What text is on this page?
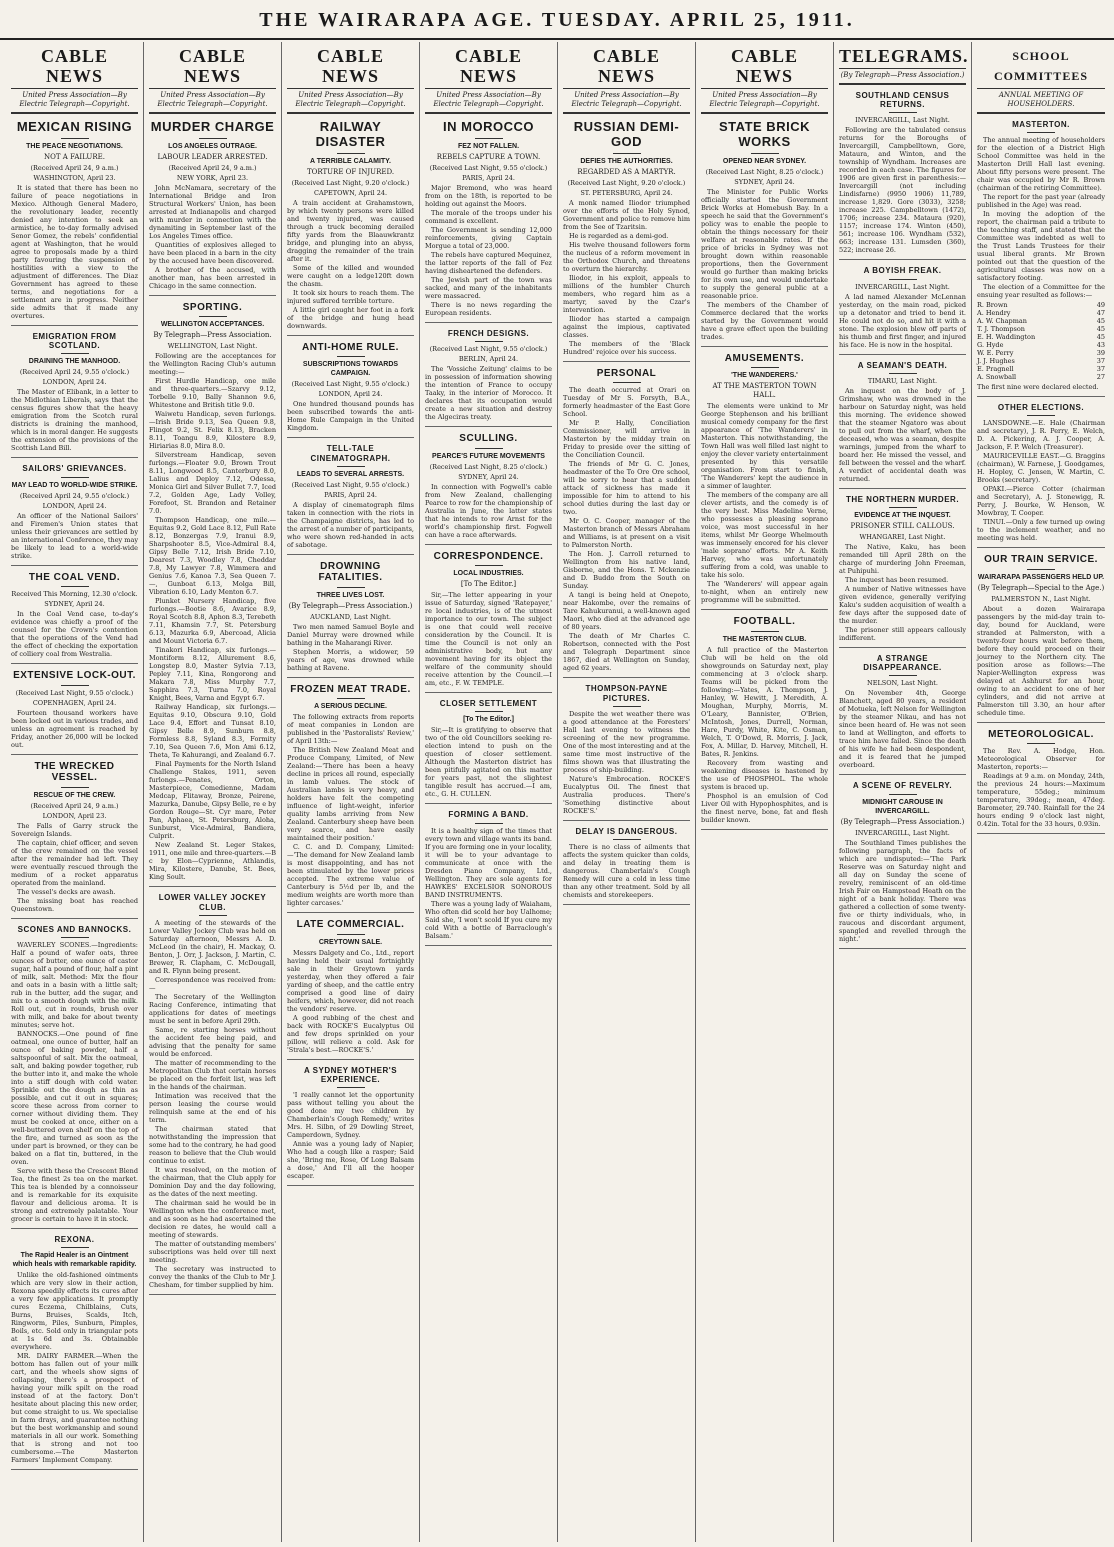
THE WAIRARAPA AGE. TUESDAY. APRIL 25, 1911.
CABLE NEWS
United Press Association—By Electric Telegraph—Copyright.
MEXICAN RISING
THE PEACE NEGOTIATIONS.
NOT A FAILURE.
(Received April 24, 9 a.m.)
WASHINGTON, April 23.

It is stated that there has been no failure of peace negotiations in Mexico. Although General Madero, the revolutionary leader, recently denied any intention to seek an armistice, he to-day formally advised Senor Gomez, the rebels' confidential agent at Washington, that he would agree to proposals made by a third party favouring the suspension of hostilities with a view to the adjustment of differences. The Diaz Government has agreed to these terms, and negotiations for a settlement are in progress. Neither side admits that it made any overtures.

EMIGRATION FROM SCOTLAND.
DRAINING THE MANHOOD.
(Received April 24, 9.55 o'clock.)
LONDON, April 24.

The Master of Elibank, in a letter to the Midlothian Liberals, says that the census figures show that the heavy emigration from the Scotch rural districts is draining the manhood, which is in moral danger. He suggests the extension of the provisions of the Scottish Land Bill.

SAILORS' GRIEVANCES.
MAY LEAD TO WORLD-WIDE STRIKE.
(Received April 24, 9.55 o'clock.)
LONDON, April 24.

An officer of the National Sailors' and Firemen's Union states that unless their grievances are settled by an international Conference, they may be likely to lead to a world-wide strike.

THE COAL VEND.
Received This Morning, 12.30 o'clock.
SYDNEY, April 24.

In the Coal Vend case, to-day's evidence was chiefly a proof of the counsel for the Crown's contention that the operations of the Vend had the effect of checking the exportation of colliery coal from Westralia.

EXTENSIVE LOCK-OUT.
(Received Last Night, 9.55 o'clock.)
COPENHAGEN, April 24.

Fourteen thousand workers have been locked out in various trades, and unless an agreement is reached by Friday, another 26,000 will be locked out.

THE WRECKED VESSEL.
RESCUE OF THE CREW.
(Received April 24, 9 a.m.)
LONDON, April 23.

The Falls of Garry struck the Sovereign Islands.

The captain, chief officer, and seven of the crew remained on the vessel after the remainder had left. They were eventually rescued through the medium of a rocket apparatus operated from the mainland.

The vessel's decks are awash.

The missing boat has reached Queenstown.

SCONES AND BANNOCKS.

WAVERLEY SCONES.—Ingredients: Half a pound of wafer oats, three ounces of butter, one ounce of castor sugar, half a pound of flour, half a pint of milk, salt. Method: Mix the flour and oats in a basin with a little salt; rub in the butter, add the sugar, and mix to a smooth dough with the milk. Roll out, cut in rounds, brush over with milk, and bake for about twenty minutes; serve hot.

BANNOCKS.—One pound of fine oatmeal, one ounce of butter, half an ounce of baking powder, half a saltspoonful of salt. Mix the oatmeal, salt, and baking powder together, rub the butter into it, and make the whole into a stiff dough with cold water. Sprinkle out the dough as thin as possible, and cut it out in squares; score these across from corner to corner without dividing them. They must be cooked at once, either on a well-buttered oven shelf on the top of the fire, and turned as soon as the under part is browned, or they can be baked on a flat tin, buttered, in the oven.

Serve with these the Crescent Blend Tea, the finest 2s tea on the market. This tea is blended by a connoisseur and is remarkable for its exquisite flavour and delicious aroma. It is strong and extremely palatable. Your grocer is certain to have it in stock.

REXONA.
The Rapid Healer is an Ointment which heals with remarkable rapidity.

Unlike the old-fashioned ointments which are very slow in their action, Rexona speedily effects its cures after a very few applications. It promptly cures Eczema, Chilblains, Cuts, Burns, Bruises, Scalds, Itch, Ringworm, Piles, Sunburn, Pimples, Boils, etc. Sold only in triangular pots at 1s 6d and 3s. Obtainable everywhere.

MR. DAIRY FARMER.—When the bottom has fallen out of your milk cart, and the wheels show signs of collapsing, there's a prospect of having your milk spilt on the road instead of at the factory. Don't hesitate about placing this new order, but come straight to us. We specialise in farm drays, and guarantee nothing but the best workmanship and sound materials in all our work. Something that is strong and not too cumbersome.—The Masterton Farmers' Implement Company.

CABLE NEWS
United Press Association—By Electric Telegraph—Copyright.
MURDER CHARGE
LOS ANGELES OUTRAGE.
LABOUR LEADER ARRESTED.
(Received April 24, 9 a.m.)
NEW YORK, April 23.

John McNamara, secretary of the International Bridge and Iron Structural Workers' Union, has been arrested at Indianapolis and charged with murder in connection with the dynamiting in September last of the Los Angeles Times office.

Quantities of explosives alleged to have been placed in a barn in the city by the accused have been discovered.

A brother of the accused, with another man, has been arrested in Chicago in the same connection.

SPORTING.
WELLINGTON ACCEPTANCES.
By Telegraph—Press Association.
WELLINGTON, Last Night.

Following are the acceptances for the Wellington Racing Club's autumn meeting:—

First Hurdle Handicap, one mile and three-quarters.—Szarvy 9.12, Torbelle 9.10, Bally Shannon 9.6, Whitestone and British title 9.0.

Waiwetu Handicap, seven furlongs.—Irish Bride 9.13, Sea Queen 9.8, Flingot 9.2, St. Felix 8.13, Bracken 8.11, Toangu 8.9, Kilostere 8.9, Hiriarias 8.0, Mira 8.0.

Silverstream Handicap, seven furlongs.—Floater 9.0, Brown Trout 8.11, Longwood 8.5, Canterbury 8.0, Lalius and Deploy 7.12, Odessa, Monica Girl and Silver Bullet 7.7, Iced 7.2, Golden Age, Lady Volley, Forefoot, St. Brandon and Retainer 7.0.

Thompson Handicap, one mile.—Equitas 9.2, Gold Lace 8.12, Full Rate 8.12, Bonzergas 7.9, Iranui 8.9, Sharpshooter 8.5, Vice-Admiral 8.4, Gipsy Belle 7.12, Irish Bride 7.10, Dearest 7.3, Woodley 7.8, Cheddar 7.8, My Lawyer 7.8, Wimmera and Genius 7.6, Kanoa 7.3, Sea Queen 7.—, Gunboat 6.13, Molga Bill, Vibration 6.10, Lady Menton 6.7.

Plunket Nursery Handicap, five furlongs.—Bootie 8.6, Avarice 8.9, Royal Scotch 8.8, Aphon 8.3, Terebeth 7.11, Khamsin 7.7, St. Petersburg 6.13, Mazurka 6.9, Abercoad, Alicia and Mount Victoria 6.7.

Tinakori Handicap, six furlongs.—Montiform 8.12, Allurement 8.6, Longstep 8.0, Master Sylvia 7.13, Pepley 7.11, Kina, Rongorong and Makara 7.8, Miss Murphy 7.7, Sapphira 7.3, Turna 7.0, Royal Knight, Bees, Varna and Egypt 6.7.

Railway Handicap, six furlongs.—Equitas 9.10, Obscura 9.10, Gold Lace 9.4, Effort and Tunsat 8.10, Gipsy Belle 8.9, Sunburn 8.8, Formless 8.8, Syland 8.3, Formity 7.10, Sea Queen 7.6, Mon Ami 6.12, Theta, Te Kahurangi, and Zealand 6.7.

Final Payments for the North Island Challenge Stakes, 1911, seven furlongs.—Penates, Orton, Masterpiece, Comedienne, Madam Medcap, Flitaway, Bronze, Peirene, Mazurka, Danube, Gipsy Belle, re e by Gordon Rouge—St. Cyr mare, Peter Pan, Aphaea, St. Petersburg, Aloha, Sunburst, Vice-Admiral, Bandiera, Culprit.

New Zealand St. Leger Stakes, 1911, one mile and three-quarters.—B c by Elon—Cyprienne, Athlandis, Mira, Kilostere, Danube, St. Bees, King Soult.

LOWER VALLEY JOCKEY CLUB.

A meeting of the stewards of the Lower Valley Jockey Club was held on Saturday afternoon, Messrs A. D. McLeod (in the chair), H. Mackay, O. Benton, J. Orr, J. Jackson, J. Martin, C. Brewer, R. Clapham, C. McDougall, and R. Flynn being present.

Correspondence was received from:—

The Secretary of the Wellington Racing Conference, intimating that applications for dates of meetings must be sent in before April 29th.

Same, re starting horses without the accident fee being paid, and advising that the penalty for same would be enforced.

The matter of recommending to the Metropolitan Club that certain horses be placed on the forfeit list, was left in the hands of the chairman.

Intimation was received that the person leasing the course would relinquish same at the end of his term.

The chairman stated that notwithstanding the impression that some had to the contrary, he had good reason to believe that the Club would continue to exist.

It was resolved, on the motion of the chairman, that the Club apply for Dominion Day and the day following, as the dates of the next meeting.

The chairman said he would be in Wellington when the conference met, and as soon as he had ascertained the decision re dates, he would call a meeting of stewards.

The matter of outstanding members' subscriptions was held over till next meeting.

The secretary was instructed to convey the thanks of the Club to Mr J. Chesham, for timber supplied by him.

CABLE NEWS
United Press Association—By Electric Telegraph—Copyright.
RAILWAY DISASTER
A TERRIBLE CALAMITY.
TORTURE OF INJURED.
(Received Last Night, 9.20 o'clock.)
CAPETOWN, April 24.

A train accident at Grahamstown, by which twenty persons were killed and twenty injured, was caused through a truck becoming derailed fifty yards from the Blaauwkrantz bridge, and plunging into an abyss, dragging the remainder of the train after it.

Some of the killed and wounded were caught on a ledge120ft down the chasm.

It took six hours to reach them. The injured suffered terrible torture.

A little girl caught her foot in a fork of the bridge and hung head downwards.

ANTI-HOME RULE.
SUBSCRIPTIONS TOWARDS CAMPAIGN.
(Received Last Night, 9.55 o'clock.)
LONDON, April 24.

One hundred thousand pounds has been subscribed towards the anti-Home Rule Campaign in the United Kingdom.

TELL-TALE CINEMATOGRAPH.
LEADS TO SEVERAL ARRESTS.
(Received Last Night, 9.55 o'clock.)
PARIS, April 24.

A display of cinematograph films taken in connection with the riots in the Champaigne districts, has led to the arrest of a number of participants, who were shown red-handed in acts of sabotage.

DROWNING FATALITIES.
THREE LIVES LOST.
(By Telegraph—Press Association.)
AUCKLAND, Last Night.

Two men named Samuel Boyle and Daniel Murray were drowned while bathing in the Maharangi River.

Stephen Morris, a widower, 59 years of age, was drowned while bathing at Ravene.

FROZEN MEAT TRADE.
A SERIOUS DECLINE.

The following extracts from reports of meat companies in London are published in the 'Pastoralists' Review,' of April 13th:—

The British New Zealand Meat and Produce Company, Limited, of New Zealand:—'There has been a heavy decline in prices all round, especially in lamb values. The stock of Australian lambs is very heavy, and holders have felt the competing influence of light-weight, inferior quality lambs arriving from New Zealand. Canterbury sheep have been very scarce, and have easily maintained their position.'

C. C. and D. Company, Limited:—'The demand for New Zealand lamb is most disappointing, and has not been stimulated by the lower prices accepted. The extreme value of Canterbury is 5½d per lb, and the medium weights are worth more than lighter carcases.'

LATE COMMERCIAL.
CREYTOWN SALE.

Messrs Dalgety and Co., Ltd., report having held their usual fortnightly sale in their Greytown yards yesterday, when they offered a fair yarding of sheep, and the cattle entry comprised a good line of dairy heifers, which, however, did not reach the vendors' reserve.

A good rubbing of the chest and back with ROCKE'S Eucalyptus Oil and few drops sprinkled on your pillow, will relieve a cold. Ask for 'Strala's best.—ROCKE'S.'

A SYDNEY MOTHER'S EXPERIENCE.

'I really cannot let the opportunity pass without telling you about the good done my two children by Chamberlain's Cough Remedy,' writes Mrs. H. Silbn, of 29 Dowling Street, Camperdown, Sydney.

Annie was a young lady of Napier, Who had a cough like a rasper; Said she, 'Bring me, Rose, Of Long Balsam a dose,' And I'll all the hooper escaper.

CABLE NEWS
United Press Association—By Electric Telegraph—Copyright.
IN MOROCCO
FEZ NOT FALLEN.
REBELS CAPTURE A TOWN.
(Received Last Night, 9.55 o'clock.)
PARIS, April 24.

Major Bremond, who was heard from on the 18th, is reported to be holding out against the Moors.

The morale of the troops under his command is excellent.

The Government is sending 12,000 reinforcements, giving Captain Morgue a total of 23,000.

The rebels have captured Mequinez, the latter reports of the fall of Fez having disheartened the defenders.

The Jewish part of the town was sacked, and many of the inhabitants were massacred.

There is no news regarding the European residents.

FRENCH DESIGNS.
(Received Last Night, 9.55 o'clock.)
BERLIN, April 24.

The 'Vossiche Zeitung' claims to be in possession of information showing the intention of France to occupy Taaky, in the interior of Morocco. It declares that its occupation would create a new situation and destroy the Algeciras treaty.

SCULLING.
PEARCE'S FUTURE MOVEMENTS
(Received Last Night, 8.25 o'clock.)
SYDNEY, April 24.

In connection with Fogwell's cable from New Zealand, challenging Pearce to row for the championship of Australia in June, the latter states that he intends to row Arnst for the world's championship first. Fogwell can have a race afterwards.

CORRESPONDENCE.
LOCAL INDUSTRIES.
[To The Editor.]

Sir,—The letter appearing in your issue of Saturday, signed 'Ratepayer,' re local industries, is of the utmost importance to our town. The subject is one that could well receive consideration by the Council. It is time the Council is not only an administrative body, but any movement having for its object the welfare of the community should receive attention by the Council.—I am, etc., F. W. TEMPLE.

CLOSER SETTLEMENT
[To The Editor.]

Sir,—It is gratifying to observe that two of the old Councillors seeking re-election intend to push on the question of closer settlement. Although the Masterton district has been pitifully agitated on this matter for years past, not the slightest tangible result has accrued.—I am, etc., G. H. CULLEN.

FORMING A BAND.

It is a healthy sign of the times that every town and village wants its band. If you are forming one in your locality, it will be to your advantage to communicate at once with the Dresden Piano Company, Ltd., Wellington. They are sole agents for HAWKES' EXCELSIOR SONOROUS BAND INSTRUMENTS.

There was a young lady of Waiaham, Who often did scold her boy Ualhome; Said she, 'I won't scold If you cure my cold With a bottle of Barraclough's Balsam.'

CABLE NEWS
United Press Association—By Electric Telegraph—Copyright.
RUSSIAN DEMI-GOD
DEFIES THE AUTHORITIES.
REGARDED AS A MARTYR.
(Received Last Night, 9.20 o'clock.)
ST. PETERSBURG, April 24.

A monk named Iliodor triumphed over the efforts of the Holy Synod, Government and police to remove him from the See of Tzaritsin.

He is regarded as a demi-god.

His twelve thousand followers form the nucleus of a reform movement in the Orthodox Church, and threatens to overturn the hierarchy.

Iliodor, in his exploit, appeals to millions of the humbler Church members, who regard him as a martyr, saved by the Czar's intervention.

Iliodor has started a campaign against the impious, captivated classes.

The members of the 'Black Hundred' rejoice over his success.

PERSONAL

The death occurred at Orari on Tuesday of Mr S. Forsyth, B.A., formerly headmaster of the East Gore School.

Mr P. Hally, Conciliation Commissioner, will arrive in Masterton by the midday train on Friday to preside over the sitting of the Conciliation Council.

The friends of Mr G. C. Jones, headmaster of the To Ore Ore school, will be sorry to hear that a sudden attack of sickness has made it impossible for him to attend to his school duties during the last day or two.

Mr O. C. Cooper, manager of the Masterton branch of Messrs Abraham and Williams, is at present on a visit to Palmerston North.

The Hon. J. Carroll returned to Wellington from his native land, Gisborne, and the Hons. T. Mckenzie and D. Buddo from the South on Sunday.

A tangi is being held at Onepoto, near Hakombe, over the remains of Tare Kahukuranui, a well-known aged Maori, who died at the advanced age of 80 years.

The death of Mr Charles C. Robertson, connected with the Post and Telegraph Department since 1867, died at Wellington on Sunday, aged 62 years.

THOMPSON-PAYNE PICTURES.

Despite the wet weather there was a good attendance at the Foresters' Hall last evening to witness the screening of the new programme. One of the most interesting and at the same time most instructive of the films shown was that illustrating the process of ship-building.

Nature's Embrocation. ROCKE'S Eucalyptus Oil. The finest that Australia produces. There's 'Something distinctive about ROCKE'S.'

DELAY IS DANGEROUS.

There is no class of ailments that affects the system quicker than colds, and delay in treating them is dangerous. Chamberlain's Cough Remedy will cure a cold in less time than any other treatment. Sold by all chemists and storekeepers.

CABLE NEWS
United Press Association—By Electric Telegraph—Copyright.
STATE BRICK WORKS
OPENED NEAR SYDNEY.
(Received Last Night, 8.25 o'clock.)
SYDNEY, April 24.

The Minister for Public Works officially started the Government Brick Works at Homebush Bay. In a speech he said that the Government's policy was to enable the people to obtain the things necessary for their welfare at reasonable rates. If the price of bricks in Sydney was not brought down within reasonable proportions, then the Government would go further than making bricks for its own use, and would undertake to supply the general public at a reasonable price.

The members of the Chamber of Commerce declared that the works started by the Government would have a grave effect upon the building trades.

AMUSEMENTS.
'THE WANDERERS.'
AT THE MASTERTON TOWN HALL.

The elements were unkind to Mr George Stephenson and his brilliant musical comedy company for the first appearance of 'The Wanderers' in Masterton. This notwithstanding, the Town Hall was well filled last night to enjoy the clever variety entertainment presented by this versatile organisation. From start to finish, 'The Wanderers' kept the audience in a simmer of laughter.

The members of the company are all clever artists, and the comedy is of the very best. Miss Madeline Verne, who possesses a pleasing soprano voice, was most successful in her items, whilst Mr George Whelmouth was immensely encored for his clever 'male soprano' efforts. Mr A. Keith Harvey, who was unfortunately suffering from a cold, was unable to take his solo.

The 'Wanderers' will appear again to-night, when an entirely new programme will be submitted.

FOOTBALL.
THE MASTERTON CLUB.

A full practice of the Masterton Club will be held on the old showgrounds on Saturday next, play commencing at 3 o'clock sharp. Teams will be picked from the following:—Yates, A. Thompson, J. Hanley, W. Hewitt, J. Meredith, A. Moughan, Murphy, Morris, M. O'Leary, Bannister, O'Brien, McIntosh, Jones, Durrell, Norman, Hare, Purdy, White, Kite, C. Osman, Welch, T. O'Dowd, R. Morris, J. Jack, Fox, A. Millar, D. Harvey, Mitchell, H. Bates, R. Jenkins.

Recovery from wasting and weakening diseases is hastened by the use of PHOSPHOL. The whole system is braced up.

Phosphol is an emulsion of Cod Liver Oil with Hypophosphites, and is the finest nerve, bone, fat and flesh builder known.

TELEGRAMS.
(By Telegraph—Press Association.)
SOUTHLAND CENSUS RETURNS.
INVERCARGILL, Last Night.

Following are the tabulated census returns for the Boroughs of Invercargill, Campbelltown, Gore, Mataura, and Winton, and the township of Wyndham. Increases are recorded in each case. The figures for 1906 are given first in parenthesis:—Invercargill (not including Lindisfarne) (9950 1906) 11,789, increase 1,829. Gore (3033), 3258; increase 225. Campbelltown (1472), 1706; increase 234. Mataura (920), 1157; increase 174. Winton (450), 561; increase 106. Wyndham (532), 663; increase 131. Lumsden (360), 522; increase 26.

A BOYISH FREAK.
INVERCARGILL, Last Night.

A lad named Alexander McLennan yesterday, on the main road, picked up a detonator and tried to bend it. He could not do so, and hit it with a stone. The explosion blew off parts of his thumb and first finger, and injured his face. He is now in the hospital.

A SEAMAN'S DEATH.
TIMARU, Last Night.

An inquest on the body of J. Grimshaw, who was drowned in the harbour on Saturday night, was held this morning. The evidence showed that the steamer Ngatoro was about to pull out from the wharf, when the deceased, who was a seaman, despite warnings, jumped from the wharf to board her. He missed the vessel, and fell between the vessel and the wharf. A verdict of accidental death was returned.

THE NORTHERN MURDER.
EVIDENCE AT THE INQUEST.
PRISONER STILL CALLOUS.
WHANGAREI, Last Night.

The Native, Kaku, has been remanded till April 28th on the charge of murdering John Freeman, at Puhipuhi.

The inquest has been resumed.

A number of Native witnesses have given evidence, generally verifying Kaku's sudden acquisition of wealth a few days after the supposed date of the murder.

The prisoner still appears callously indifferent.

A STRANGE DISAPPEARANCE.
NELSON, Last Night.

On November 4th, George Blanchett, aged 80 years, a resident of Motueka, left Nelson for Wellington by the steamer Nikau, and has not since been heard of. He was not seen to land at Wellington, and efforts to trace him have failed. Since the death of his wife he had been despondent, and it is feared that he jumped overboard.

A SCENE OF REVELRY.
MIDNIGHT CAROUSE IN INVERCARGILL.
(By Telegraph—Press Association.)
INVERCARGILL, Last Night.

The Southland Times publishes the following paragraph, the facts of which are undisputed:—'The Park Reserve was on Saturday night and all day on Sunday the scene of revelry, reminiscent of an old-time Irish Fair on Hampstead Heath on the night of a bank holiday. There was gathered a collection of some twenty-five or thirty individuals, who, in raucous and discordant argument, spangled and revelled through the night.'

SCHOOL COMMITTEES
ANNUAL MEETING OF HOUSEHOLDERS.
MASTERTON.

The annual meeting of householders for the election of a District High School Committee was held in the Masterton Drill Hall last evening. About fifty persons were present. The chair was occupied by Mr R. Brown (chairman of the retiring Committee).

The report for the past year (already published in the Age) was read.

In moving the adoption of the report, the chairman paid a tribute to the teaching staff, and stated that the Committee was indebted as well to the Trust Lands Trustees for their usual liberal grants. Mr Brown pointed out that the question of the agricultural classes was now on a satisfactory footing.

The election of a Committee for the ensuing year resulted as follows:—

R. Brown	49
A. Hendry	47
A. W. Chapman	45
T. J. Thompson	45
E. H. Waddington	45
G. Hyde	43
W. E. Perry	39
J. J. Hughes	37
E. Pragnell	37
A. Snowball	27
The first nine were declared elected.
OTHER ELECTIONS.

LANSDOWNE.—E. Hale (Chairman and secretary), J. R. Perry, E. Welch, D. A. Pickering, A. J. Cooper, A. Jackson, F. P. Welch (Treasurer).

MAURICEVILLE EAST.—G. Braggins (chairman), W. Farnese, J. Goodgames, H. Hopley, C. Jensen, W. Martin, C. Brooks (secretary).

OPAKI.—Pierce Cotter (chairman and Secretary), A. J. Stonewigg, R. Perry, J. Bourke, W. Henson, W. Mowbray, T. Cooper.

TINUI.—Only a few turned up owing to the inclement weather, and no meeting was held.

OUR TRAIN SERVICE.
WAIRARAPA PASSENGERS HELD UP.
(By Telegraph—Special to the Age.)
PALMERSTON N., Last Night.

About a dozen Wairarapa passengers by the mid-day train to-day, bound for Auckland, were stranded at Palmerston, with a twenty-four hours wait before them, before they could proceed on their journey to the Northern city. The position arose as follows:—The Napier-Wellington express was delayed at Ashhurst for an hour, owing to an accident to one of her cylinders, and did not arrive at Palmerston till 3.30, an hour after schedule time.

METEOROLOGICAL.

The Rev. A. Hodge, Hon. Meteorological Observer for Masterton, reports:—

Readings at 9 a.m. on Monday, 24th, the previous 24 hours:—Maximum temperature, 55deg.; minimum temperature, 39deg.; mean, 47deg. Barometer, 29.740. Rainfall for the 24 hours ending 9 o'clock last night, 0.42in. Total for the 33 hours, 0.93in.
